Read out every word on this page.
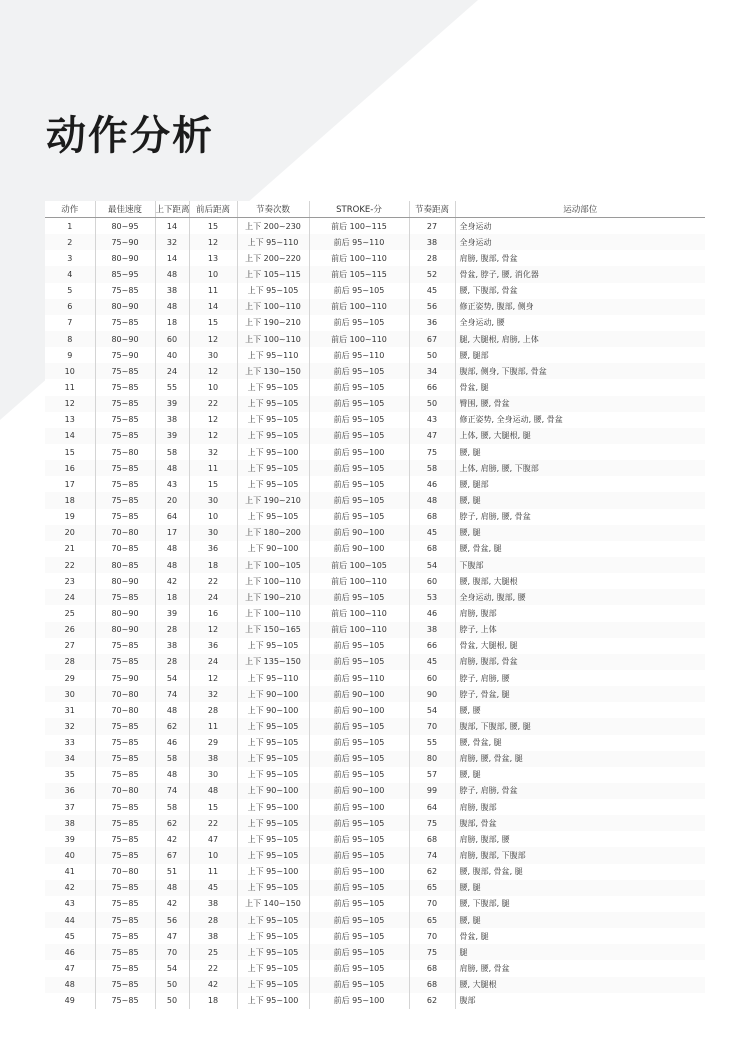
动作分析
动作	最佳速度	上下距离	前后距离	节奏次数	STROKE-分	节奏距离	运动部位
1	80~95	14	15	上下 200~230	前后 100~115	27	全身运动
2	75~90	32	12	上下 95~110	前后 95~110	38	全身运动
3	80~90	14	13	上下 200~220	前后 100~110	28	肩膀, 腹部, 骨盆
4	85~95	48	10	上下 105~115	前后 105~115	52	骨盆, 脖子, 腰, 消化器
5	75~85	38	11	上下 95~105	前后 95~105	45	腰, 下腹部, 骨盆
6	80~90	48	14	上下 100~110	前后 100~110	56	修正姿势, 腹部, 侧身
7	75~85	18	15	上下 190~210	前后 95~105	36	全身运动, 腰
8	80~90	60	12	上下 100~110	前后 100~110	67	腿, 大腿根, 肩膀, 上体
9	75~90	40	30	上下 95~110	前后 95~110	50	腰, 腿部
10	75~85	24	12	上下 130~150	前后 95~105	34	腹部, 侧身, 下腹部, 骨盆
11	75~85	55	10	上下 95~105	前后 95~105	66	骨盆, 腿
12	75~85	39	22	上下 95~105	前后 95~105	50	臀围, 腰, 骨盆
13	75~85	38	12	上下 95~105	前后 95~105	43	修正姿势, 全身运动, 腰, 骨盆
14	75~85	39	12	上下 95~105	前后 95~105	47	上体, 腰, 大腿根, 腿
15	75~80	58	32	上下 95~100	前后 95~100	75	腰, 腿
16	75~85	48	11	上下 95~105	前后 95~105	58	上体, 肩膀, 腰, 下腹部
17	75~85	43	15	上下 95~105	前后 95~105	46	腰, 腿部
18	75~85	20	30	上下 190~210	前后 95~105	48	腰, 腿
19	75~85	64	10	上下 95~105	前后 95~105	68	脖子, 肩膀, 腰, 骨盆
20	70~80	17	30	上下 180~200	前后 90~100	45	腰, 腿
21	70~85	48	36	上下 90~100	前后 90~100	68	腰, 骨盆, 腿
22	80~85	48	18	上下 100~105	前后 100~105	54	下腹部
23	80~90	42	22	上下 100~110	前后 100~110	60	腰, 腹部, 大腿根
24	75~85	18	24	上下 190~210	前后 95~105	53	全身运动, 腹部, 腰
25	80~90	39	16	上下 100~110	前后 100~110	46	肩膀, 腹部
26	80~90	28	12	上下 150~165	前后 100~110	38	脖子, 上体
27	75~85	38	36	上下 95~105	前后 95~105	66	骨盆, 大腿根, 腿
28	75~85	28	24	上下 135~150	前后 95~105	45	肩膀, 腹部, 骨盆
29	75~90	54	12	上下 95~110	前后 95~110	60	脖子, 肩膀, 腰
30	70~80	74	32	上下 90~100	前后 90~100	90	脖子, 骨盆, 腿
31	70~80	48	28	上下 90~100	前后 90~100	54	腰, 腰
32	75~85	62	11	上下 95~105	前后 95~105	70	腹部, 下腹部, 腰, 腿
33	75~85	46	29	上下 95~105	前后 95~105	55	腰, 骨盆, 腿
34	75~85	58	38	上下 95~105	前后 95~105	80	肩膀, 腰, 骨盆, 腿
35	75~85	48	30	上下 95~105	前后 95~105	57	腰, 腿
36	70~80	74	48	上下 90~100	前后 90~100	99	脖子, 肩膀, 骨盆
37	75~85	58	15	上下 95~100	前后 95~100	64	肩膀, 腹部
38	75~85	62	22	上下 95~105	前后 95~105	75	腹部, 骨盆
39	75~85	42	47	上下 95~105	前后 95~105	68	肩膀, 腹部, 腰
40	75~85	67	10	上下 95~105	前后 95~105	74	肩膀, 腹部, 下腹部
41	70~80	51	11	上下 95~100	前后 95~100	62	腰, 腹部, 骨盆, 腿
42	75~85	48	45	上下 95~105	前后 95~105	65	腰, 腿
43	75~85	42	38	上下 140~150	前后 95~105	70	腰, 下腹部, 腿
44	75~85	56	28	上下 95~105	前后 95~105	65	腰, 腿
45	75~85	47	38	上下 95~105	前后 95~105	70	骨盆, 腿
46	75~85	70	25	上下 95~105	前后 95~105	75	腿
47	75~85	54	22	上下 95~105	前后 95~105	68	肩膀, 腰, 骨盆
48	75~85	50	42	上下 95~105	前后 95~105	68	腰, 大腿根
49	75~85	50	18	上下 95~100	前后 95~100	62	腹部
